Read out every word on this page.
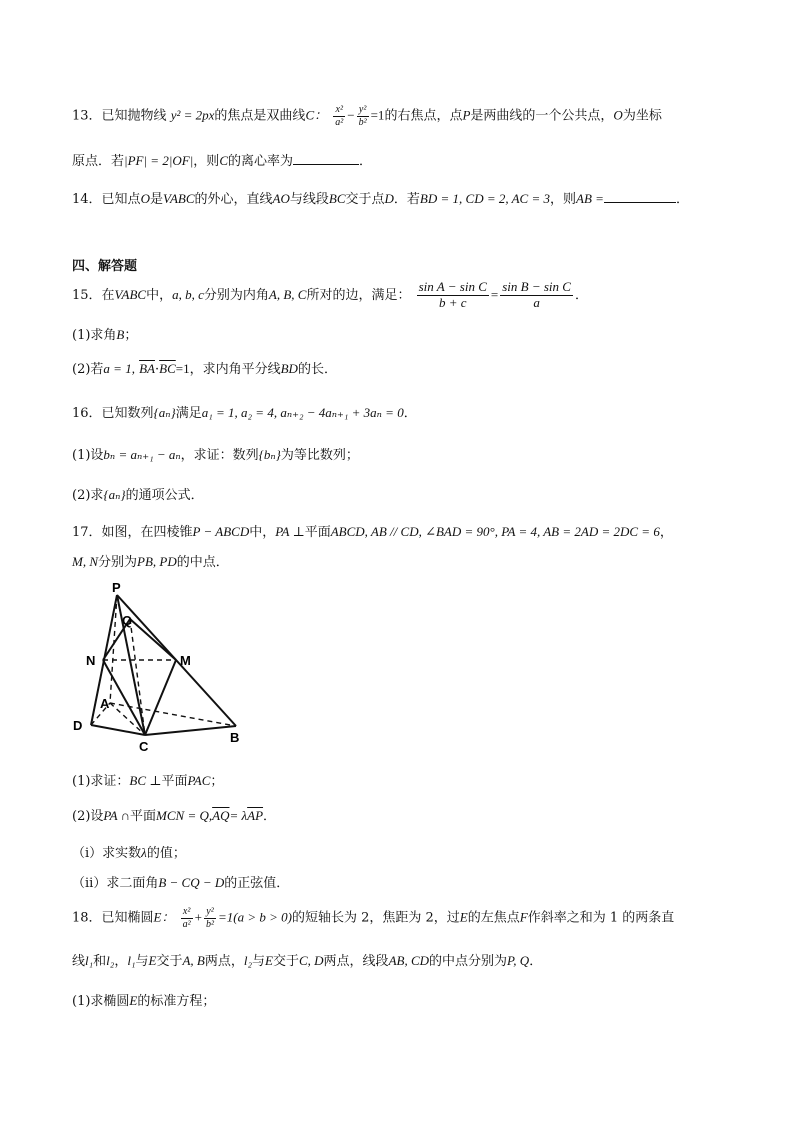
13．已知抛物线 y² = 2px的焦点是双曲线C： $\frac{\text{x²}}{\text{a²}} - \frac{\text{y²}}{\text{b²}} =1$的右焦点，点P是两曲线的一个公共点，O为坐标
原点．若|PF| = 2|OF|，则C的离心率为	．
14．已知点O是VABC的外心，直线AO与线段BC交于点D．若BD = 1, CD = 2, AC = 3，则AB =	．
四、解答题
15．在VABC中，a, b, c分别为内角A, B, C所对的边，满足： $\frac{\text{sin A − sin C}}{b + c} = \frac{\text{sin B − sin C}}{a}$ ．
(1)求角B；
(2)若a = 1, $\overline{BA}\cdot\overline{BC}=1$，求内角平分线BD的长．
16．已知数列{aₙ}满足a₁ = 1, a₂ = 4, aₙ₊₂ − 4aₙ₊₁ + 3aₙ = 0．
(1)设bₙ = aₙ₊₁ − aₙ，求证：数列{bₙ}为等比数列；
(2)求{aₙ}的通项公式．
17．如图，在四棱锥P − ABCD中，PA ⊥平面ABCD, AB // CD, ∠BAD = 90°, PA = 4, AB = 2AD = 2DC = 6，
M, N分别为PB, PD的中点．
P
Q
N	M
A
D
C
B
(1)求证：BC ⊥平面PAC；
(2)设PA ∩平面MCN = $Q,\overline{AQ}= \lambda\overline{AP}$．
（i）求实数λ的值；
（ii）求二面角B − CQ − D的正弦值．
18．已知椭圆E： $\frac{\text{x²}}{\text{a²}} + \frac{\text{y²}}{\text{b²}} =1(a > b > 0)$的短轴长为 2，焦距为 2，过E的左焦点F作斜率之和为 1 的两条直
线l₁和l₂，l₁与E交于A, B两点，l₂与E交于C, D两点，线段AB, CD的中点分别为P, Q．
(1)求椭圆E的标准方程；
